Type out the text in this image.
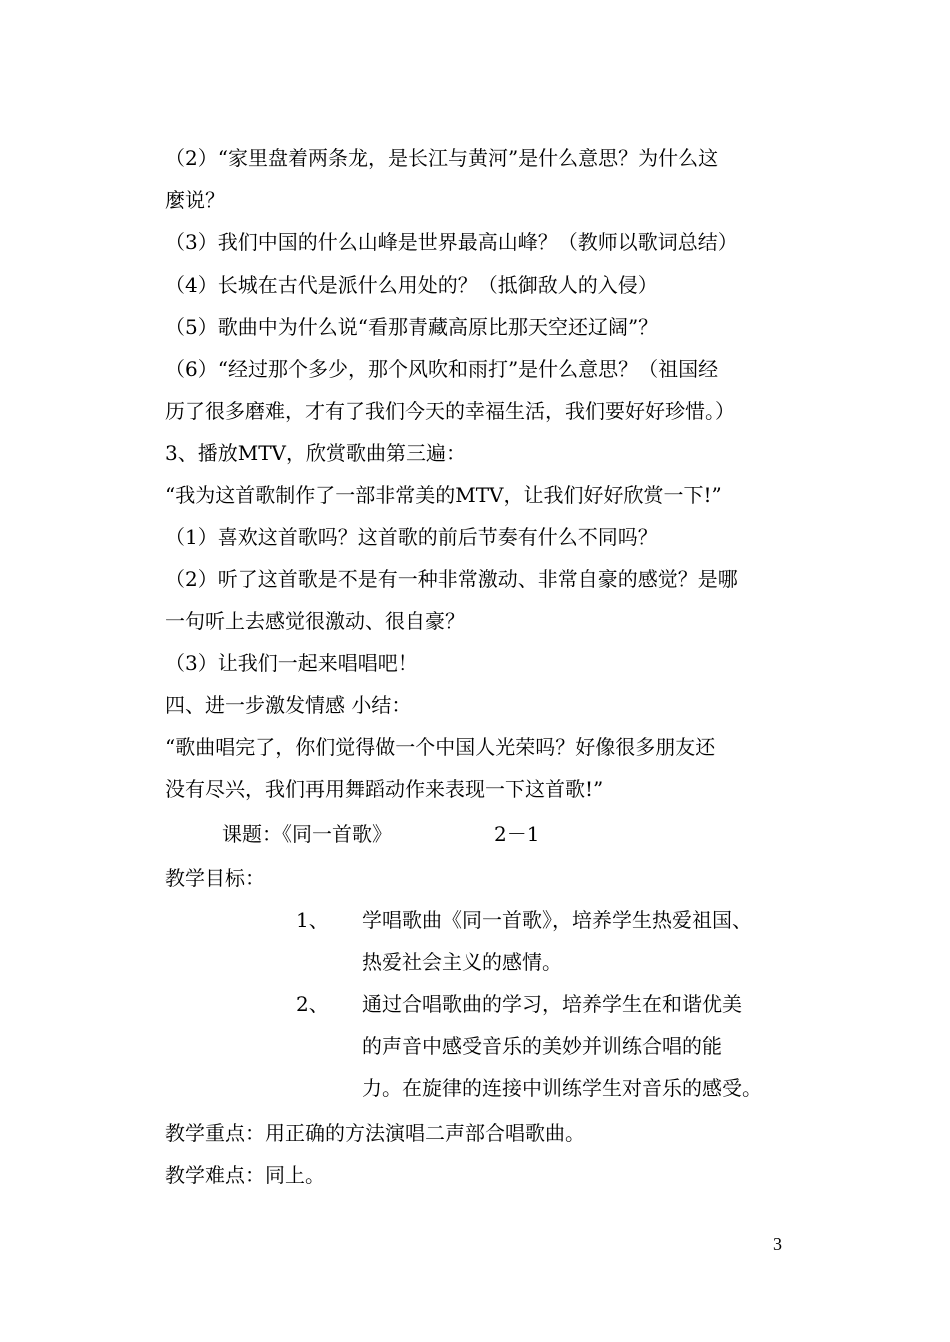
（2）“家里盘着两条龙，是长江与黄河”是什么意思？为什么这
麼说？
（3）我们中国的什么山峰是世界最高山峰？（教师以歌词总结）
（4）长城在古代是派什么用处的？（抵御敌人的入侵）
（5）歌曲中为什么说“看那青藏高原比那天空还辽阔”？
（6）“经过那个多少，那个风吹和雨打”是什么意思？（祖国经
历了很多磨难，才有了我们今天的幸福生活，我们要好好珍惜。）
3、播放MTV，欣赏歌曲第三遍：
“我为这首歌制作了一部非常美的MTV，让我们好好欣赏一下!”
（1）喜欢这首歌吗？这首歌的前后节奏有什么不同吗？
（2）听了这首歌是不是有一种非常激动、非常自豪的感觉？是哪
一句听上去感觉很激动、很自豪？
（3）让我们一起来唱唱吧！
四、进一步激发情感 小结：
“歌曲唱完了，你们觉得做一个中国人光荣吗？好像很多朋友还
没有尽兴，我们再用舞蹈动作来表现一下这首歌!”
课题：《同一首歌》	2－1
教学目标：
1、 学唱歌曲《同一首歌》，培养学生热爱祖国、
热爱社会主义的感情。
2、 通过合唱歌曲的学习，培养学生在和谐优美
的声音中感受音乐的美妙并训练合唱的能
力。在旋律的连接中训练学生对音乐的感受。
教学重点：用正确的方法演唱二声部合唱歌曲。
教学难点：同上。
3
